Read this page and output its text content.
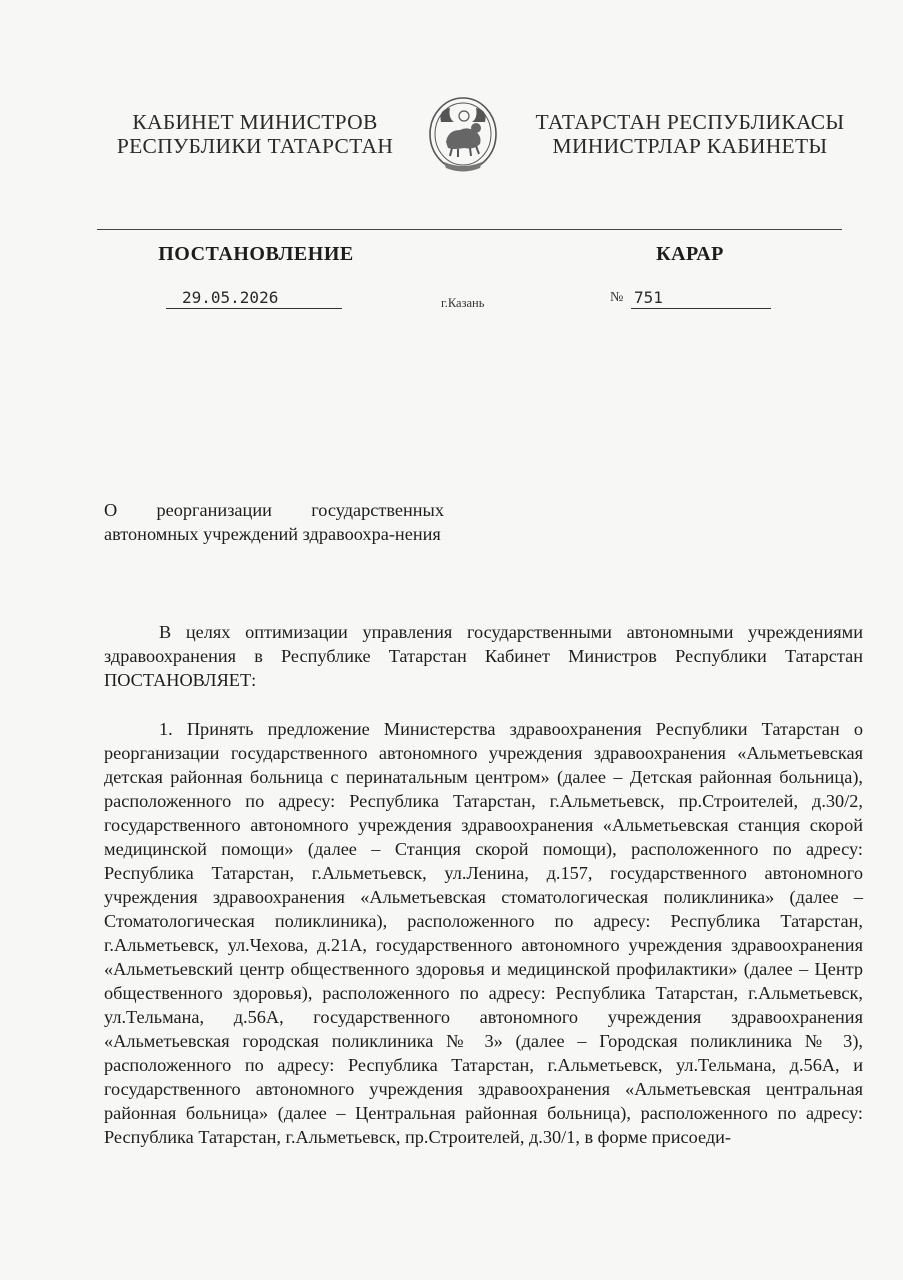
КАБИНЕТ МИНИСТРОВ
РЕСПУБЛИКИ ТАТАРСТАН
ТАТАРСТАН РЕСПУБЛИКАСЫ
МИНИСТРЛАР КАБИНЕТЫ
ПОСТАНОВЛЕНИЕ	КАРАР
29.05.2026	г.Казань	№ 751
О реорганизации государственных автономных учреждений здравоохра-нения

В целях оптимизации управления государственными автономными учреждениями здравоохранения в Республике Татарстан Кабинет Министров Республики Татарстан ПОСТАНОВЛЯЕТ:

1. Принять предложение Министерства здравоохранения Республики Татарстан о реорганизации государственного автономного учреждения здравоохранения «Альметьевская детская районная больница с перинатальным центром» (далее – Детская районная больница), расположенного по адресу: Республика Татарстан, г.Альметьевск, пр.Строителей, д.30/2, государственного автономного учреждения здравоохранения «Альметьевская станция скорой медицинской помощи» (далее – Станция скорой помощи), расположенного по адресу: Республика Татарстан, г.Альметьевск, ул.Ленина, д.157, государственного автономного учреждения здравоохранения «Альметьевская стоматологическая поликлиника» (далее – Стоматологическая поликлиника), расположенного по адресу: Республика Татарстан, г.Альметьевск, ул.Чехова, д.21А, государственного автономного учреждения здравоохранения «Альметьевский центр общественного здоровья и медицинской профилактики» (далее – Центр общественного здоровья), расположенного по адресу: Республика Татарстан, г.Альметьевск, ул.Тельмана, д.56А, государственного автономного учреждения здравоохранения «Альметьевская городская поликлиника № 3» (далее – Городская поликлиника № 3), расположенного по адресу: Республика Татарстан, г.Альметьевск, ул.Тельмана, д.56А, и государственного автономного учреждения здравоохранения «Альметьевская центральная районная больница» (далее – Центральная районная больница), расположенного по адресу: Республика Татарстан, г.Альметьевск, пр.Строителей, д.30/1, в форме присоеди-
